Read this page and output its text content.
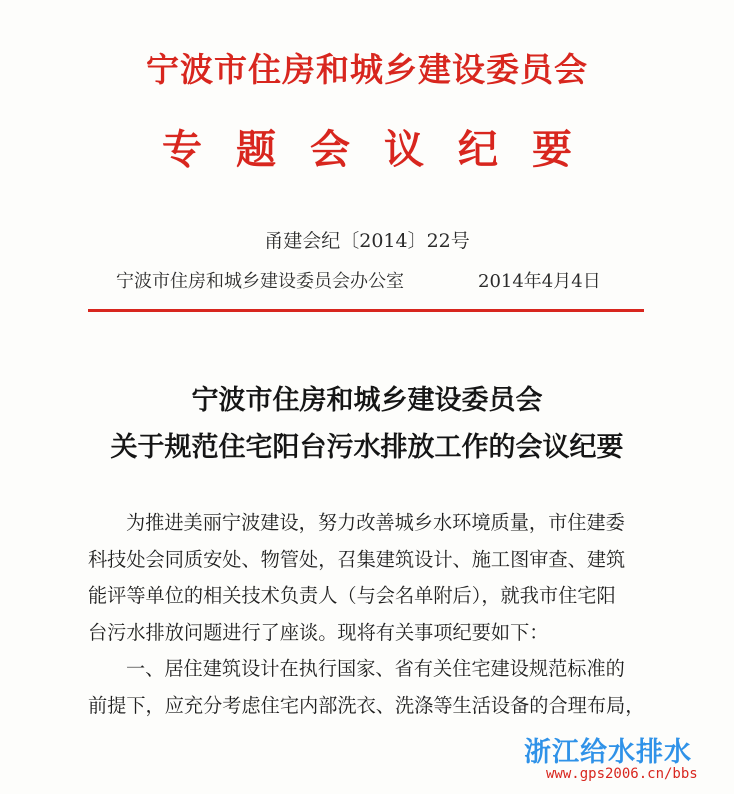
宁波市住房和城乡建设委员会
专题会议纪要
甬建会纪〔2014〕22号
宁波市住房和城乡建设委员会办公室	2014年4月4日
宁波市住房和城乡建设委员会
关于规范住宅阳台污水排放工作的会议纪要
为推进美丽宁波建设，努力改善城乡水环境质量，市住建委
科技处会同质安处、物管处，召集建筑设计、施工图审查、建筑
能评等单位的相关技术负责人（与会名单附后），就我市住宅阳
台污水排放问题进行了座谈。现将有关事项纪要如下：
一、居住建筑设计在执行国家、省有关住宅建设规范标准的
前提下，应充分考虑住宅内部洗衣、洗涤等生活设备的合理布局，
浙江给水排水
www.gps2006.cn/bbs
